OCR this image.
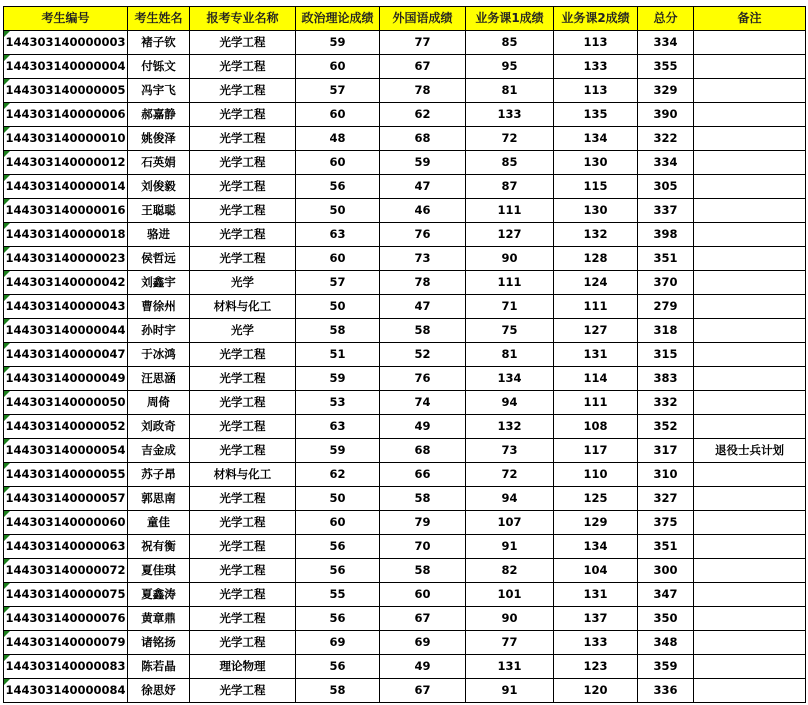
考生编号	考生姓名	报考专业名称	政治理论成绩	外国语成绩	业务课1成绩	业务课2成绩	总分	备注

144303140000003	褚子钦	光学工程	59	77	85	113	334	

144303140000004	付铄文	光学工程	60	67	95	133	355	

144303140000005	冯宇飞	光学工程	57	78	81	113	329	

144303140000006	郝嘉静	光学工程	60	62	133	135	390	

144303140000010	姚俊泽	光学工程	48	68	72	134	322	

144303140000012	石英娟	光学工程	60	59	85	130	334	

144303140000014	刘俊毅	光学工程	56	47	87	115	305	

144303140000016	王聪聪	光学工程	50	46	111	130	337	

144303140000018	骆进	光学工程	63	76	127	132	398	

144303140000023	侯哲远	光学工程	60	73	90	128	351	

144303140000042	刘鑫宇	光学	57	78	111	124	370	

144303140000043	曹徐州	材料与化工	50	47	71	111	279	

144303140000044	孙时宇	光学	58	58	75	127	318	

144303140000047	于冰鸿	光学工程	51	52	81	131	315	

144303140000049	汪思涵	光学工程	59	76	134	114	383	

144303140000050	周倚	光学工程	53	74	94	111	332	

144303140000052	刘政奇	光学工程	63	49	132	108	352	

144303140000054	吉金成	光学工程	59	68	73	117	317	退役士兵计划

144303140000055	苏子昂	材料与化工	62	66	72	110	310	

144303140000057	郭思南	光学工程	50	58	94	125	327	

144303140000060	童佳	光学工程	60	79	107	129	375	

144303140000063	祝有衡	光学工程	56	70	91	134	351	

144303140000072	夏佳琪	光学工程	56	58	82	104	300	

144303140000075	夏鑫涛	光学工程	55	60	101	131	347	

144303140000076	黄章鼎	光学工程	56	67	90	137	350	

144303140000079	诸铭扬	光学工程	69	69	77	133	348	

144303140000083	陈若晶	理论物理	56	49	131	123	359	

144303140000084	徐思妤	光学工程	58	67	91	120	336	
